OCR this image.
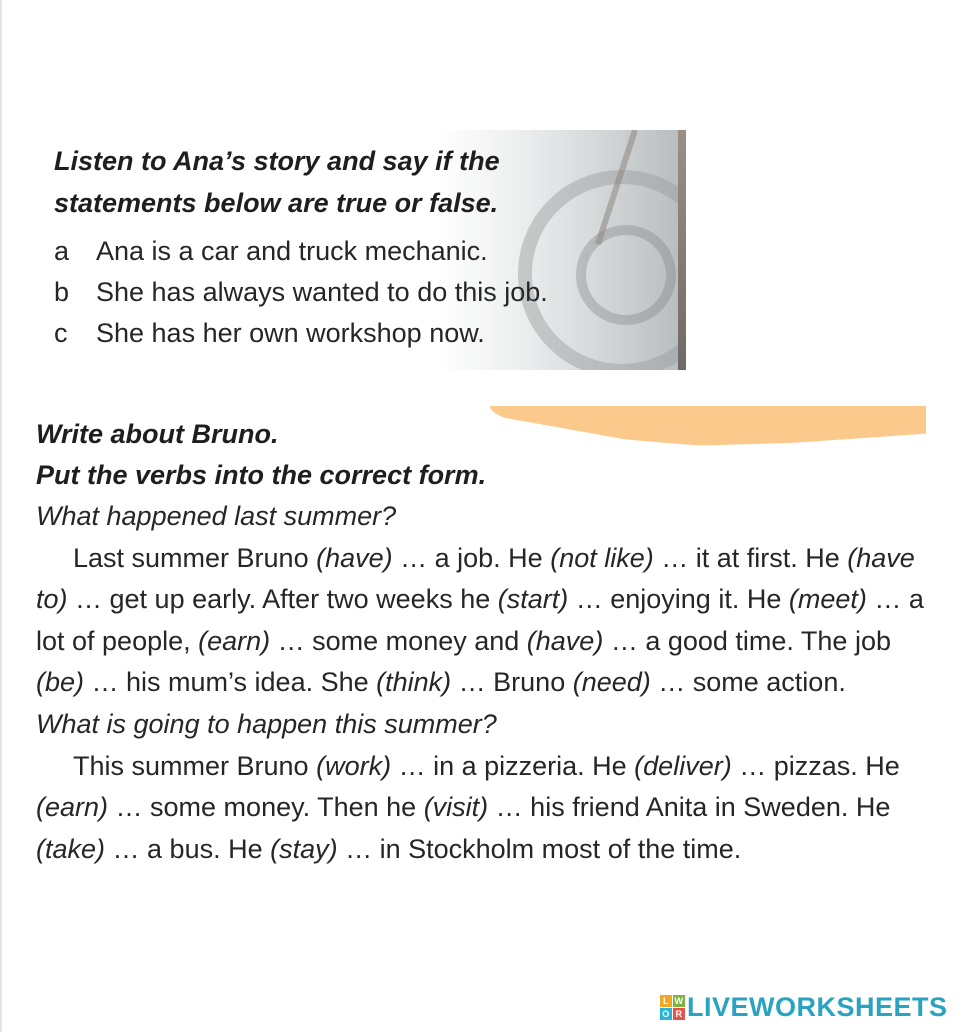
Listen to Ana’s story and say if the
statements below are true or false.
a Ana is a car and truck mechanic.
b She has always wanted to do this job.
c She has her own workshop now.
Write about Bruno.
Put the verbs into the correct form.
What happened last summer?
Last summer Bruno (have) … a job. He (not like) … it at first. He (have to) … get up early. After two weeks he (start) … enjoying it. He (meet) … a lot of people, (earn) … some money and (have) … a good time. The job (be) … his mum’s idea. She (think) … Bruno (need) … some action.
What is going to happen this summer?
This summer Bruno (work) … in a pizzeria. He (deliver) … pizzas. He (earn) … some money. Then he (visit) … his friend Anita in Sweden. He (take) … a bus. He (stay) … in Stockholm most of the time.
L W
O R LIVEWORKSHEETS
